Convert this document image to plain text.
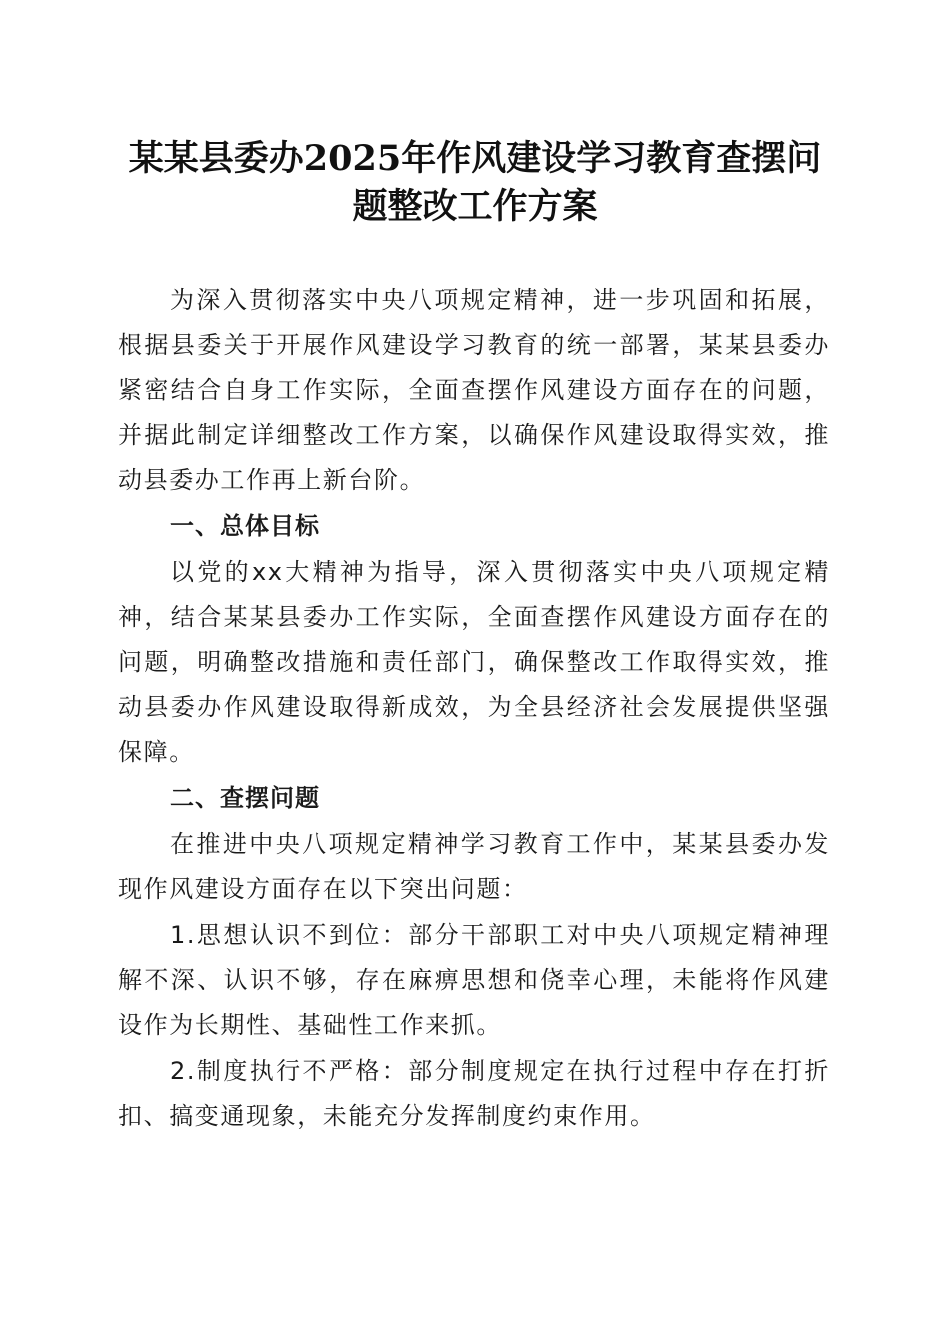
某某县委办2025年作风建设学习教育查摆问
题整改工作方案

为深入贯彻落实中央八项规定精神，进一步巩固和拓展，根据县委关于开展作风建设学习教育的统一部署，某某县委办紧密结合自身工作实际，全面查摆作风建设方面存在的问题，并据此制定详细整改工作方案，以确保作风建设取得实效，推动县委办工作再上新台阶。

一、总体目标

以党的xx大精神为指导，深入贯彻落实中央八项规定精神，结合某某县委办工作实际，全面查摆作风建设方面存在的问题，明确整改措施和责任部门，确保整改工作取得实效，推动县委办作风建设取得新成效，为全县经济社会发展提供坚强保障。

二、查摆问题

在推进中央八项规定精神学习教育工作中，某某县委办发现作风建设方面存在以下突出问题：

1.思想认识不到位：部分干部职工对中央八项规定精神理解不深、认识不够，存在麻痹思想和侥幸心理，未能将作风建设作为长期性、基础性工作来抓。

2.制度执行不严格：部分制度规定在执行过程中存在打折扣、搞变通现象，未能充分发挥制度约束作用。
